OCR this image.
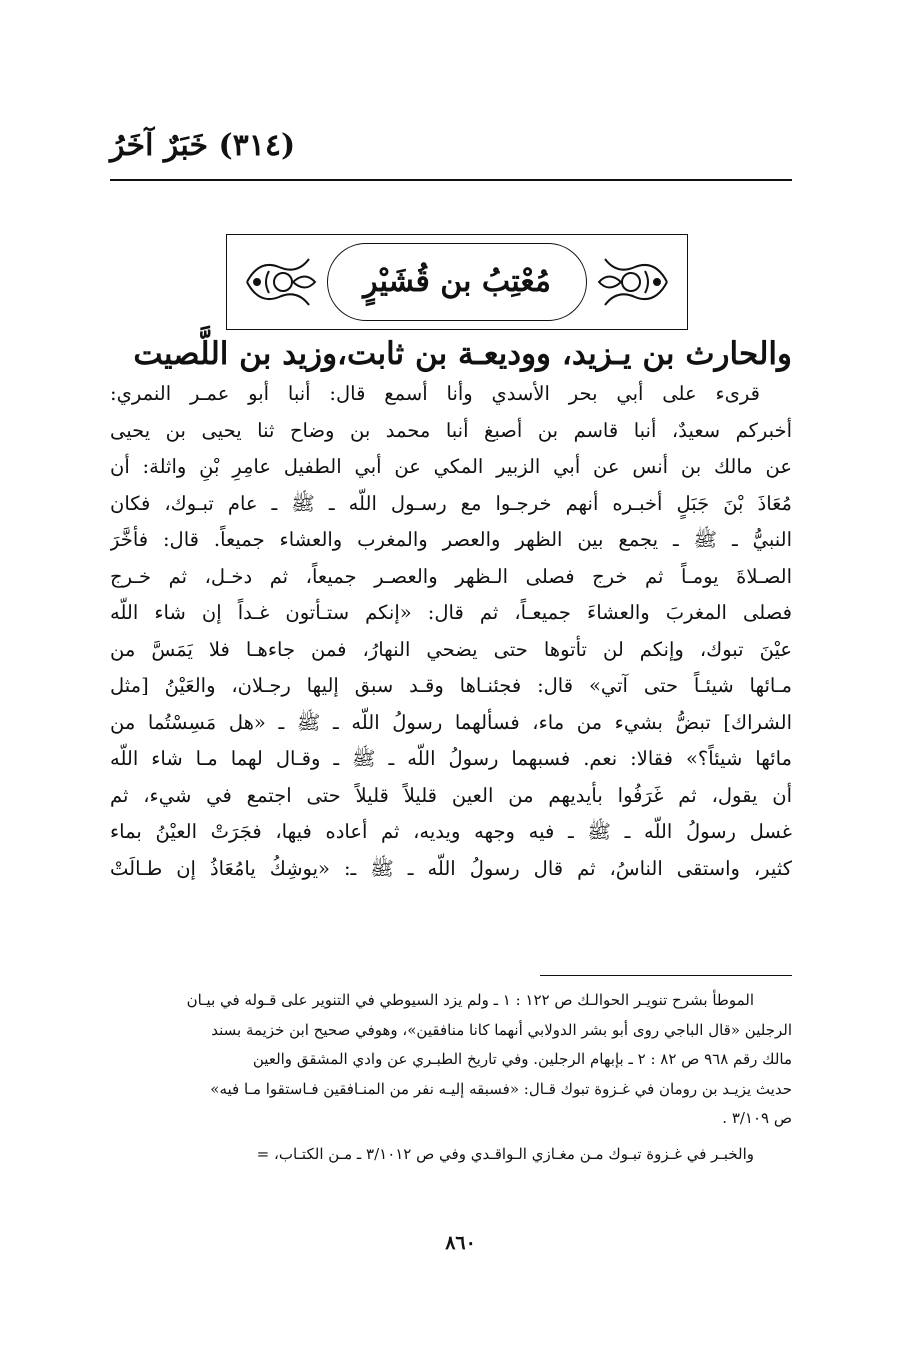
(٣١٤) خَبَرٌ آخَرُ
مُعْتِبُ بن قُشَيْرٍ
والحارث بن يـزيد، ووديعـة بن ثابت،وزيد بن اللَّصيت
قرىء على أبي بحر الأسدي وأنا أسمع قال: أنبا أبو عمـر النمري:
أخبركم سعيدٌ، أنبا قاسم بن أصبغ أنبا محمد بن وضاح ثنا يحيى بن يحيى
عن مالك بن أنس عن أبي الزبير المكي عن أبي الطفيل عامِرِ بْنِ واثلة: أن
مُعَاذَ بْنَ جَبَلٍ أخبـره أنهم خرجـوا مع رسـول اللّه ـ ﷺ ـ عام تبـوك، فكان
النبيُّ ـ ﷺ ـ يجمع بين الظهر والعصر والمغرب والعشاء جميعاً. قال: فأخَّرَ
الصـلاةَ يومـاً ثم خرج فصلى الـظهر والعصـر جميعاً، ثم دخـل، ثم خـرج
فصلى المغربَ والعشاءَ جميعـاً، ثم قال: «إنكم ستـأتون غـداً إن شاء اللّه
عيْنَ تبوك، وإنكم لن تأتوها حتى يضحي النهارُ، فمن جاءهـا فلا يَمَسَّ من
مـائها شيئـاً حتى آتي» قال: فجئنـاها وقـد سبق إليها رجـلان، والعَيْنُ [مثل
الشراك] تبضُّ بشيء من ماء، فسألهما رسولُ اللّه ـ ﷺ ـ «هل مَسِسْتُما من
مائها شيئاً؟» فقالا: نعم. فسبهما رسولُ اللّه ـ ﷺ ـ وقـال لهما مـا شاء اللّه
أن يقول، ثم غَرَفُوا بأيديهم من العين قليلاً قليلاً حتى اجتمع في شيء، ثم
غسل رسولُ اللّه ـ ﷺ ـ فيه وجهه ويديه، ثم أعاده فيها، فجَرَتْ العيْنُ بماء
كثير، واستقى الناسُ، ثم قال رسولُ اللّه ـ ﷺ ـ: «يوشِكُ يامُعَاذُ إن طـالَتْ
الموطأ بشرح تنويـر الحوالـك ص ١٢٢ : ١ ـ ولم يزد السيوطي في التنوير على قـوله في بيـان
الرجلين «قال الباجي روى أبو بشر الدولابي أنهما كانا منافقين»، وهوفي صحيح ابن خزيمة بسند
مالك رقم ٩٦٨ ص ٨٢ : ٢ ـ بإبهام الرجلين. وفي تاريخ الطبـري عن وادي المشقق والعين
حديث يزيـد بن رومان في غـزوة تبوك قـال: «فسبقه إليـه نفر من المنـافقين فـاستقوا مـا فيه»
ص ٣/١٠٩ .
والخبـر في غـزوة تبـوك مـن مغـازي الـواقـدي وفي ص ٣/١٠١٢ ـ مـن الكتـاب، =
٨٦٠
